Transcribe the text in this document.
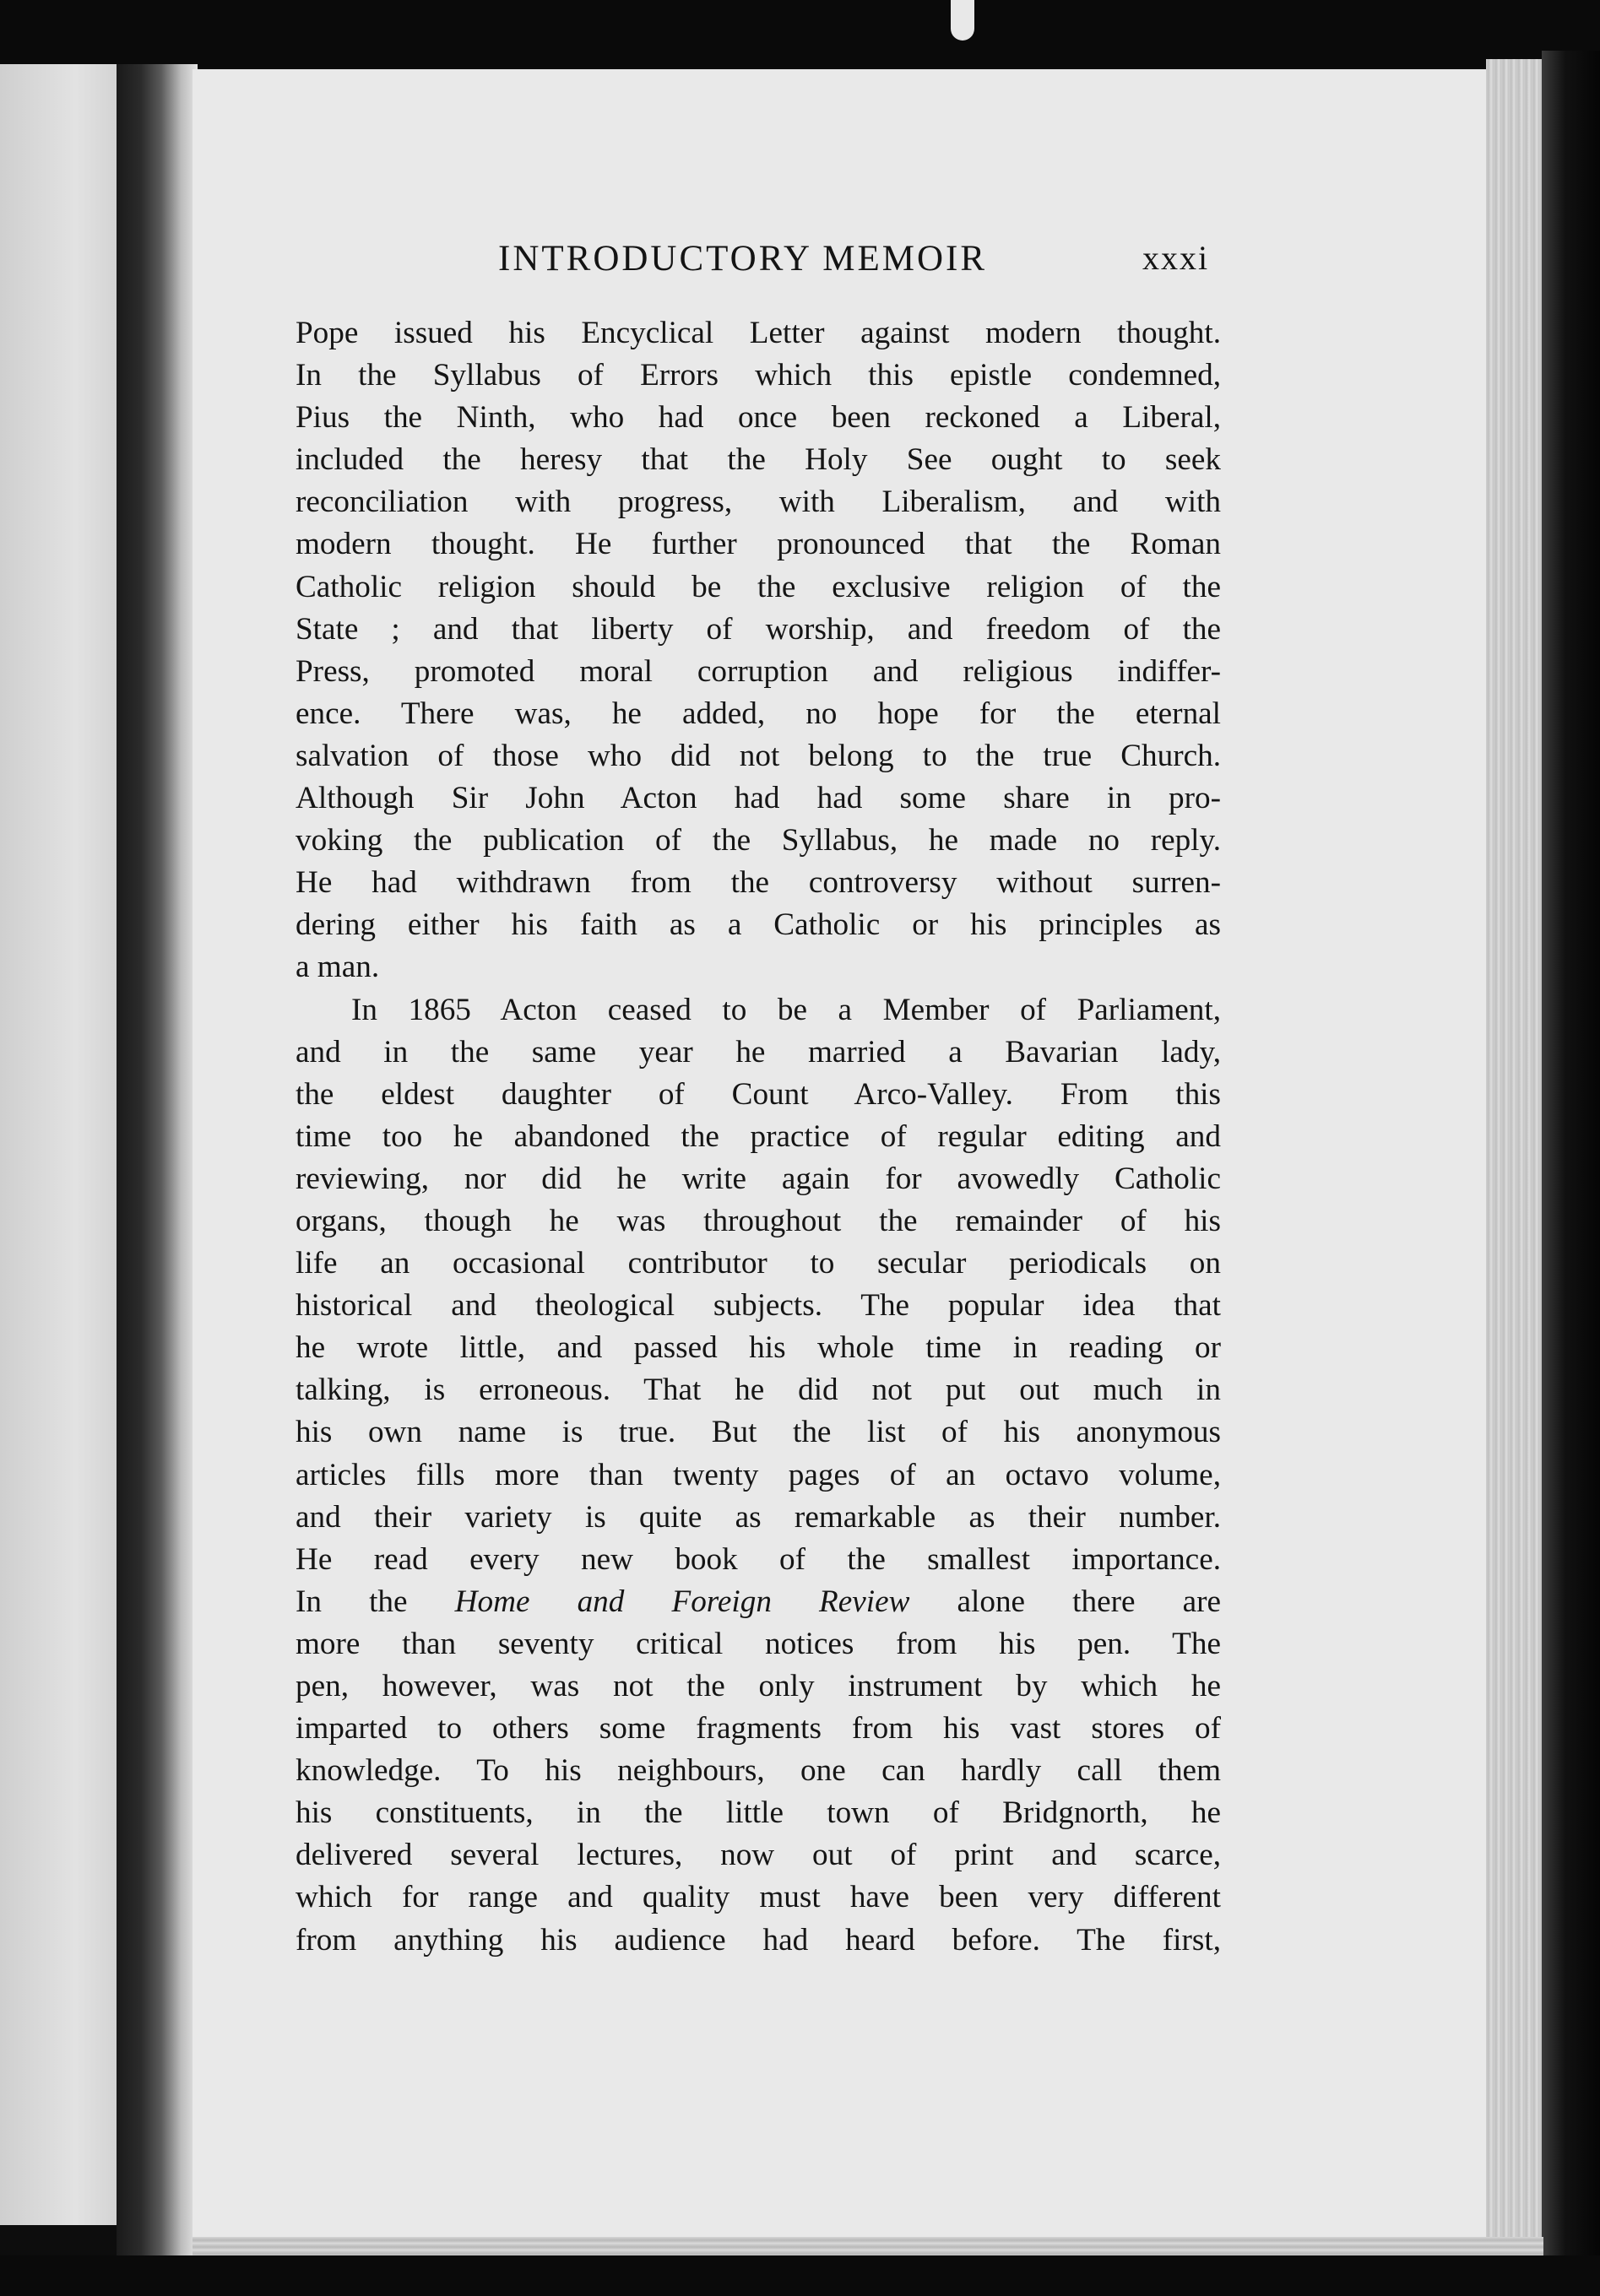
INTRODUCTORY MEMOIR	xxxi
Pope issued his Encyclical Letter against modern thought.
In the Syllabus of Errors which this epistle condemned,
Pius the Ninth, who had once been reckoned a Liberal,
included the heresy that the Holy See ought to seek
reconciliation with progress, with Liberalism, and with
modern thought. He further pronounced that the Roman
Catholic religion should be the exclusive religion of the
State ; and that liberty of worship, and freedom of the
Press, promoted moral corruption and religious indiffer-
ence. There was, he added, no hope for the eternal
salvation of those who did not belong to the true Church.
Although Sir John Acton had had some share in pro-
voking the publication of the Syllabus, he made no reply.
He had withdrawn from the controversy without surren-
dering either his faith as a Catholic or his principles as
a man.
In 1865 Acton ceased to be a Member of Parliament,
and in the same year he married a Bavarian lady,
the eldest daughter of Count Arco-Valley. From this
time too he abandoned the practice of regular editing and
reviewing, nor did he write again for avowedly Catholic
organs, though he was throughout the remainder of his
life an occasional contributor to secular periodicals on
historical and theological subjects. The popular idea that
he wrote little, and passed his whole time in reading or
talking, is erroneous. That he did not put out much in
his own name is true. But the list of his anonymous
articles fills more than twenty pages of an octavo volume,
and their variety is quite as remarkable as their number.
He read every new book of the smallest importance.
In the Home and Foreign Review alone there are
more than seventy critical notices from his pen. The
pen, however, was not the only instrument by which he
imparted to others some fragments from his vast stores of
knowledge. To his neighbours, one can hardly call them
his constituents, in the little town of Bridgnorth, he
delivered several lectures, now out of print and scarce,
which for range and quality must have been very different
from anything his audience had heard before. The first,
